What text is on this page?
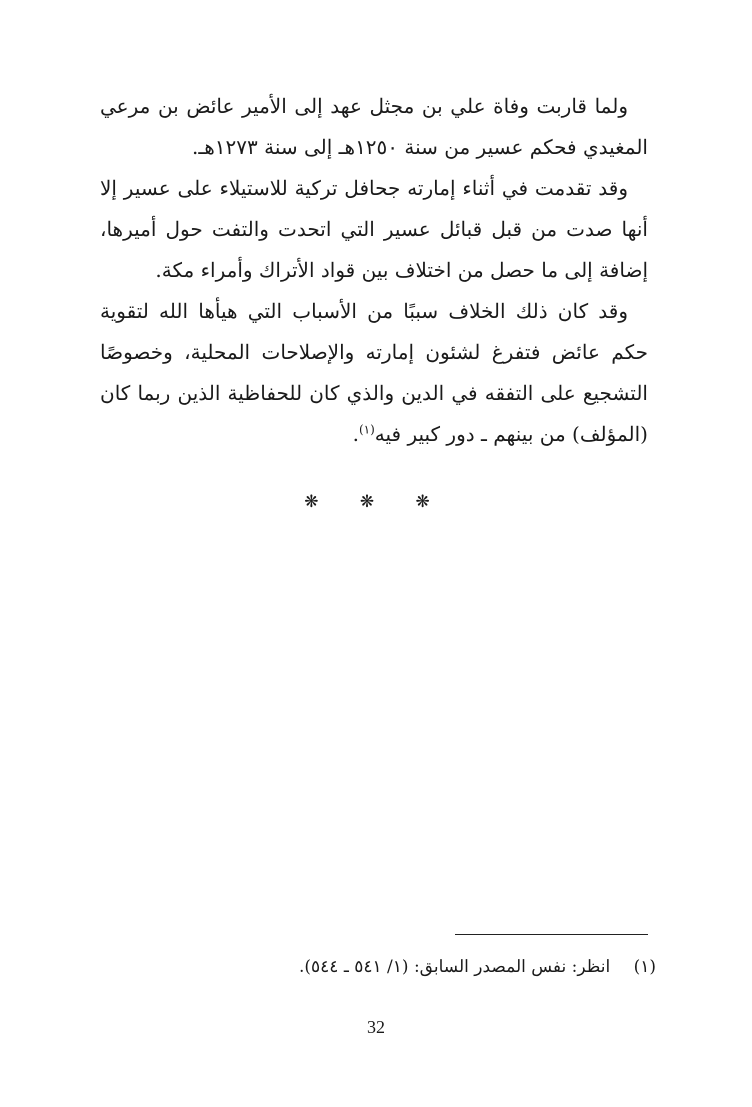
ولما قاربت وفاة علي بن مجثل عهد إلى الأمير عائض بن مرعي المغيدي فحكم عسير من سنة ١٢٥٠هـ إلى سنة ١٢٧٣هـ.

وقد تقدمت في أثناء إمارته جحافل تركية للاستيلاء على عسير إلا أنها صدت من قبل قبائل عسير التي اتحدت والتفت حول أميرها، إضافة إلى ما حصل من اختلاف بين قواد الأتراك وأمراء مكة.

وقد كان ذلك الخلاف سببًا من الأسباب التي هيأها الله لتقوية حكم عائض فتفرغ لشئون إمارته والإصلاحات المحلية، وخصوصًا التشجيع على التفقه في الدين والذي كان للحفاظية الذين ربما كان (المؤلف) من بينهم ـ دور كبير فيه$^{(١)}$.

❋ ❋ ❋
(١) انظر: نفس المصدر السابق: (١/ ٥٤١ ـ ٥٤٤).
32
